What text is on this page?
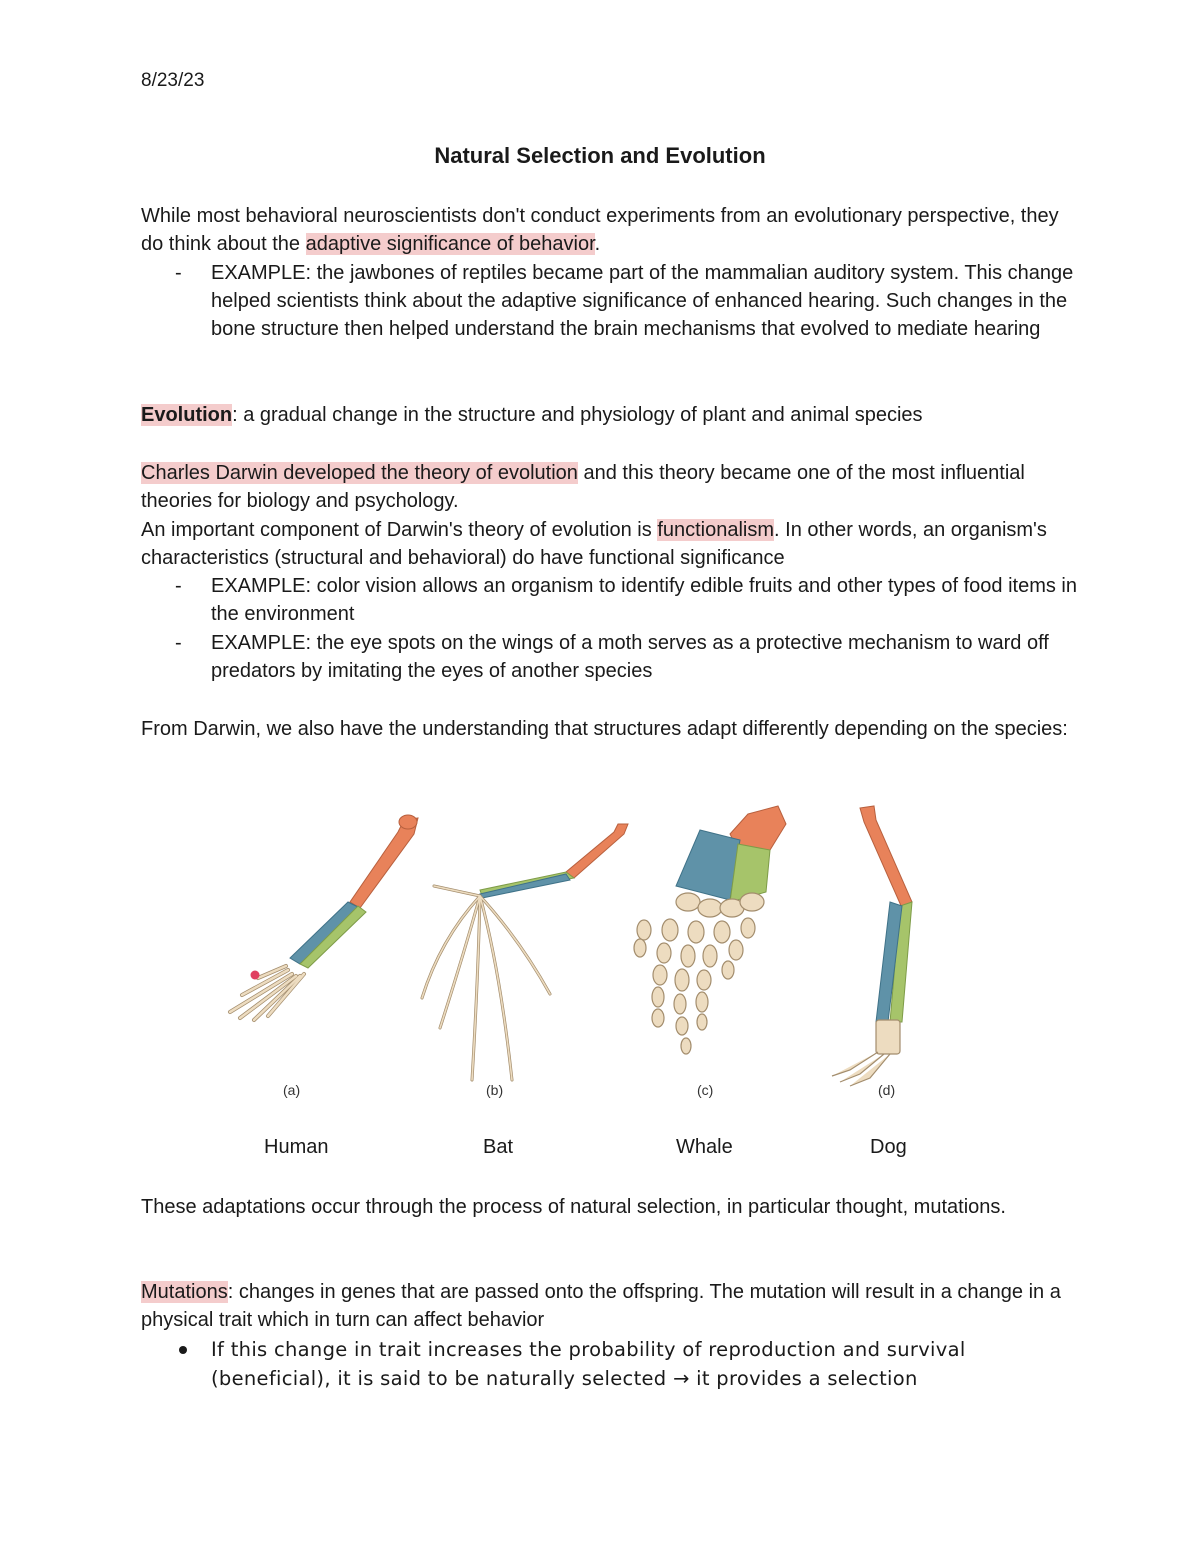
8/23/23
Natural Selection and Evolution

While most behavioral neuroscientists don't conduct experiments from an evolutionary perspective, they do think about the adaptive significance of behavior.

- EXAMPLE: the jawbones of reptiles became part of the mammalian auditory system. This change helped scientists think about the adaptive significance of enhanced hearing. Such changes in the bone structure then helped understand the brain mechanisms that evolved to mediate hearing

Evolution: a gradual change in the structure and physiology of plant and animal species

Charles Darwin developed the theory of evolution and this theory became one of the most influential theories for biology and psychology.

An important component of Darwin's theory of evolution is functionalism. In other words, an organism's characteristics (structural and behavioral) do have functional significance

- EXAMPLE: color vision allows an organism to identify edible fruits and other types of food items in the environment
- EXAMPLE: the eye spots on the wings of a moth serves as a protective mechanism to ward off predators by imitating the eyes of another species

From Darwin, we also have the understanding that structures adapt differently depending on the species:

(a)	(b)	(c)	(d)
Human	Bat	Whale	Dog

These adaptations occur through the process of natural selection, in particular thought, mutations.

Mutations: changes in genes that are passed onto the offspring. The mutation will result in a change in a physical trait which in turn can affect behavior

If this change in trait increases the probability of reproduction and survival (beneficial), it is said to be naturally selected → it provides a selection
